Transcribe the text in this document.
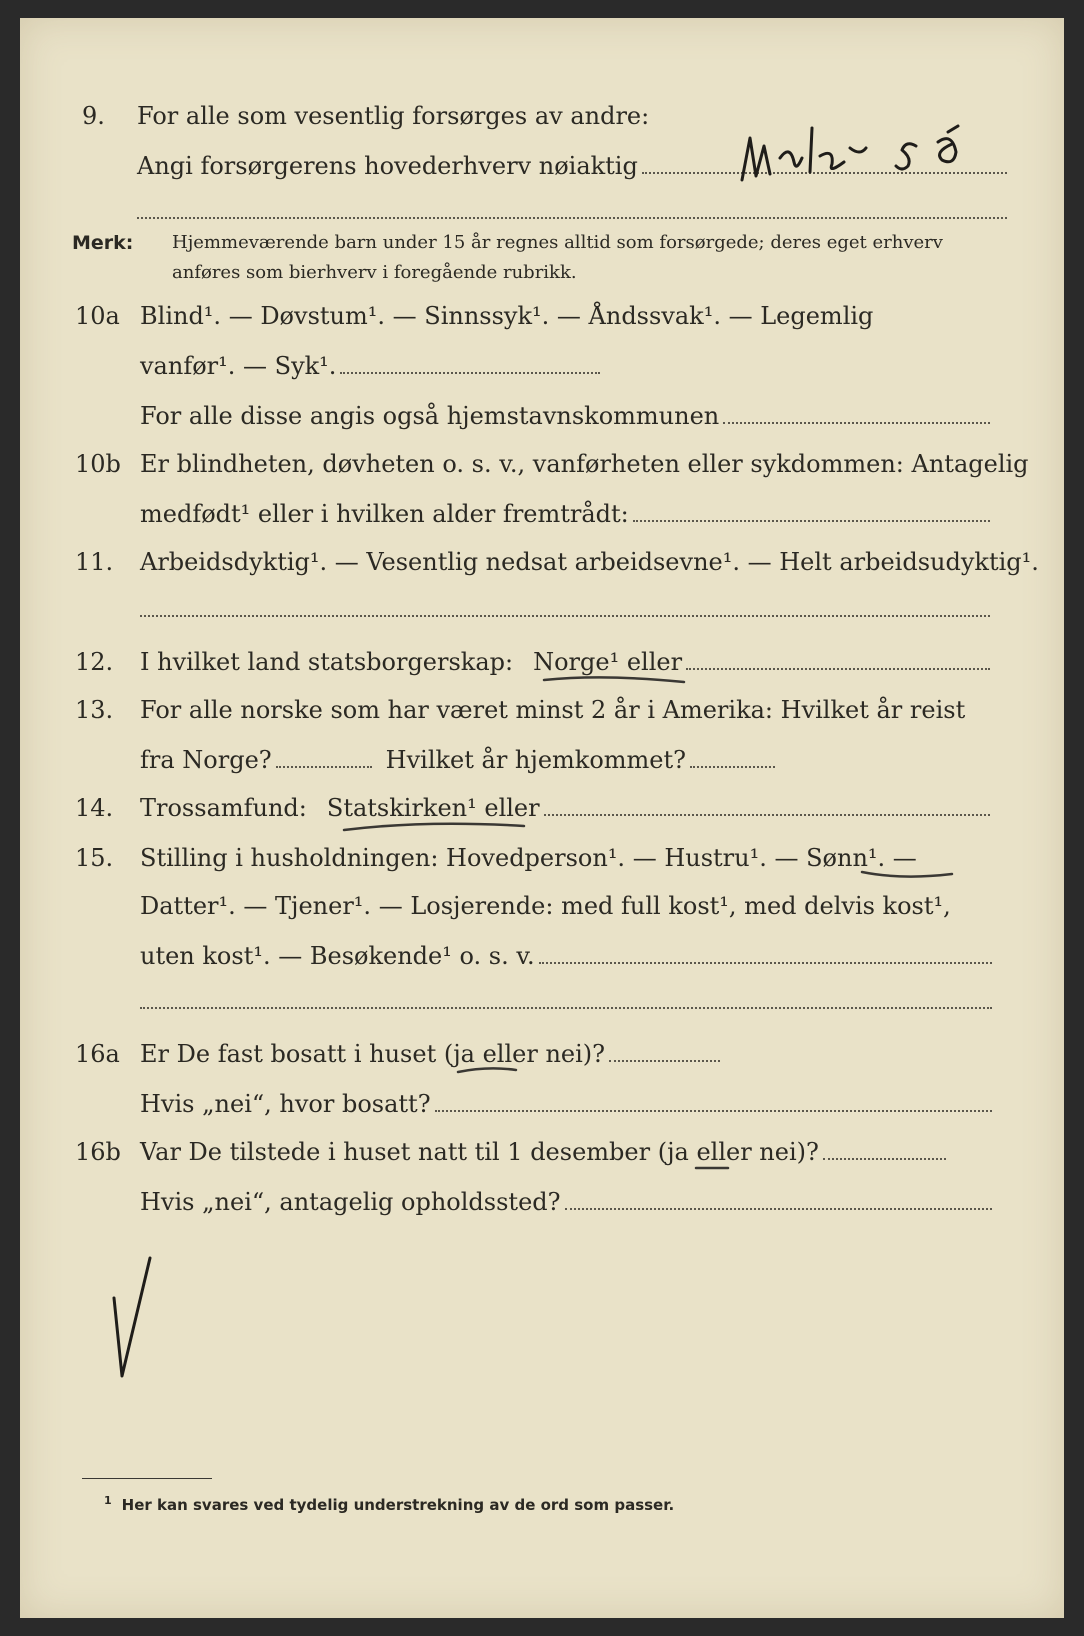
9. For alle som vesentlig forsørges av andre:
Angi forsørgerens hovederhverv nøiaktig
Merk: Hjemmeværende barn under 15 år regnes alltid som forsørgede; deres eget erhverv
anføres som bierhverv i foregående rubrikk.
10a Blind¹. — Døvstum¹. — Sinnssyk¹. — Åndssvak¹. — Legemlig
vanfør¹. — Syk¹.
For alle disse angis også hjemstavnskommunen
10b Er blindheten, døvheten o. s. v., vanførheten eller sykdommen: Antagelig
medfødt¹ eller i hvilken alder fremtrådt:
11. Arbeidsdyktig¹. — Vesentlig nedsat arbeidsevne¹. — Helt arbeidsudyktig¹.
12. I hvilket land statsborgerskap: Norge¹ eller
13. For alle norske som har været minst 2 år i Amerika: Hvilket år reist
fra Norge?	Hvilket år hjemkommet?
14. Trossamfund: Statskirken¹ eller
15. Stilling i husholdningen: Hovedperson¹. — Hustru¹. — Sønn¹. —
Datter¹. — Tjener¹. — Losjerende: med full kost¹, med delvis kost¹,
uten kost¹. — Besøkende¹ o. s. v.
16a Er De fast bosatt i huset (ja eller nei)?
Hvis „nei“, hvor bosatt?
16b Var De tilstede i huset natt til 1 desember (ja eller nei)?
Hvis „nei“, antagelig opholdssted?
$^1$ Her kan svares ved tydelig understrekning av de ord som passer.
